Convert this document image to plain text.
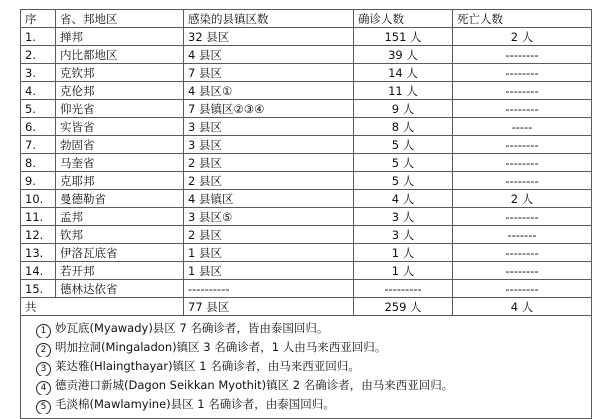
序	省、邦地区	感染的县镇区数	确诊人数	死亡人数
1.	掸邦	32 县区	151 人	2 人
2.	内比都地区	4 县区	39 人	--------
3.	克钦邦	7 县区	14 人	--------
4.	克伦邦	4 县区①	11 人	--------
5.	仰光省	7 县镇区②③④	9 人	--------
6.	实皆省	3 县区	8 人	-----
7.	勃固省	3 县区	5 人	--------
8.	马奎省	2 县区	5 人	--------
9.	克耶邦	2 县区	5 人	--------
10.	曼德勒省	4 县镇区	4 人	2 人
11.	孟邦	3 县区⑤	3 人	--------
12.	钦邦	2 县区	3 人	-------
13.	伊洛瓦底省	1 县区	1 人	--------
14.	若开邦	1 县区	1 人	--------
15.	德林达依省	----------	---------	--------
共		77 县区	259 人	4 人

1 妙瓦底(Myawady)县区 7 名确诊者，皆由泰国回归。
2 明加拉洞(Mingaladon)镇区 3 名确诊者，1 人由马来西亚回归。
3 莱达雅(Hlaingthayar)镇区 1 名确诊者，由马来西亚回归。
4 德贡港口新城(Dagon Seikkan Myothit)镇区 2 名确诊者，由马来西亚回归。
5 毛淡棉(Mawlamyine)县区 1 名确诊者，由泰国回归。				
